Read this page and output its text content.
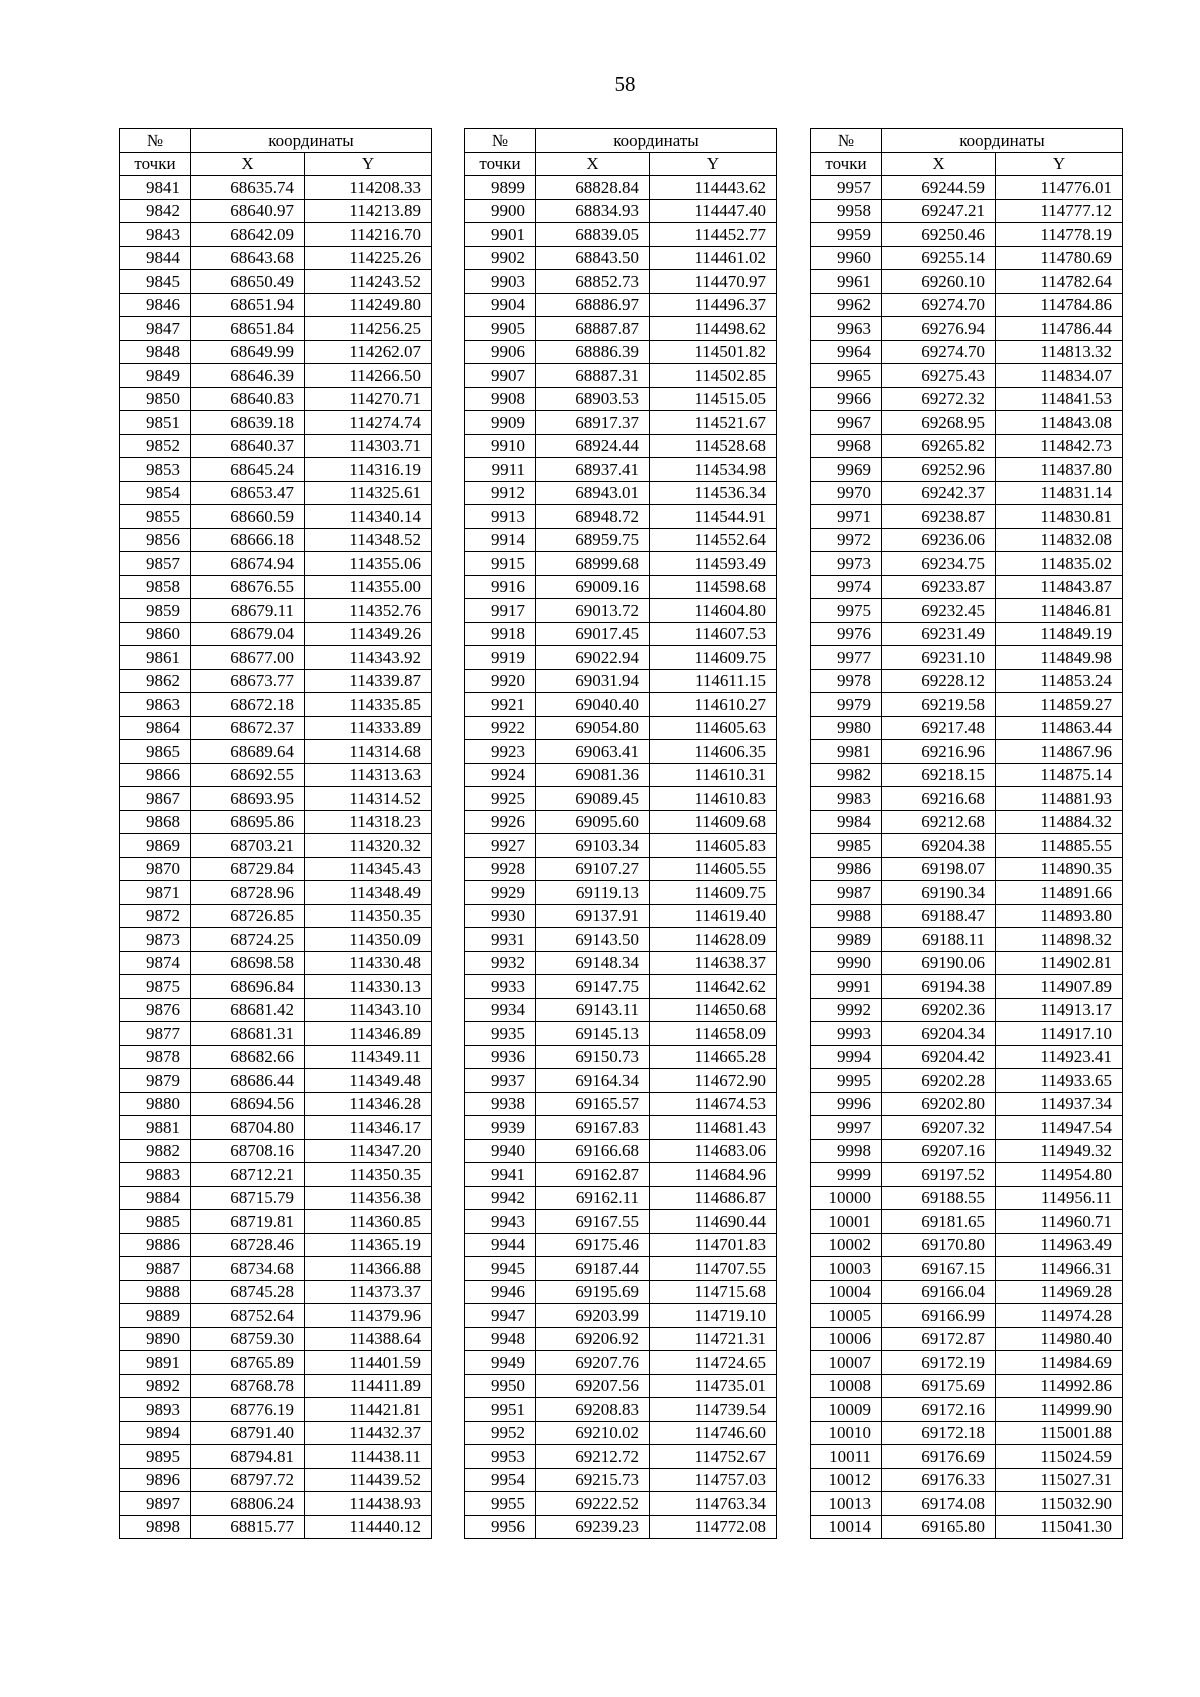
58
№	координаты	
точки	X	Y
9841	68635.74	114208.33
9842	68640.97	114213.89
9843	68642.09	114216.70
9844	68643.68	114225.26
9845	68650.49	114243.52
9846	68651.94	114249.80
9847	68651.84	114256.25
9848	68649.99	114262.07
9849	68646.39	114266.50
9850	68640.83	114270.71
9851	68639.18	114274.74
9852	68640.37	114303.71
9853	68645.24	114316.19
9854	68653.47	114325.61
9855	68660.59	114340.14
9856	68666.18	114348.52
9857	68674.94	114355.06
9858	68676.55	114355.00
9859	68679.11	114352.76
9860	68679.04	114349.26
9861	68677.00	114343.92
9862	68673.77	114339.87
9863	68672.18	114335.85
9864	68672.37	114333.89
9865	68689.64	114314.68
9866	68692.55	114313.63
9867	68693.95	114314.52
9868	68695.86	114318.23
9869	68703.21	114320.32
9870	68729.84	114345.43
9871	68728.96	114348.49
9872	68726.85	114350.35
9873	68724.25	114350.09
9874	68698.58	114330.48
9875	68696.84	114330.13
9876	68681.42	114343.10
9877	68681.31	114346.89
9878	68682.66	114349.11
9879	68686.44	114349.48
9880	68694.56	114346.28
9881	68704.80	114346.17
9882	68708.16	114347.20
9883	68712.21	114350.35
9884	68715.79	114356.38
9885	68719.81	114360.85
9886	68728.46	114365.19
9887	68734.68	114366.88
9888	68745.28	114373.37
9889	68752.64	114379.96
9890	68759.30	114388.64
9891	68765.89	114401.59
9892	68768.78	114411.89
9893	68776.19	114421.81
9894	68791.40	114432.37
9895	68794.81	114438.11
9896	68797.72	114439.52
9897	68806.24	114438.93
9898	68815.77	114440.12
№	координаты	
точки	X	Y
9899	68828.84	114443.62
9900	68834.93	114447.40
9901	68839.05	114452.77
9902	68843.50	114461.02
9903	68852.73	114470.97
9904	68886.97	114496.37
9905	68887.87	114498.62
9906	68886.39	114501.82
9907	68887.31	114502.85
9908	68903.53	114515.05
9909	68917.37	114521.67
9910	68924.44	114528.68
9911	68937.41	114534.98
9912	68943.01	114536.34
9913	68948.72	114544.91
9914	68959.75	114552.64
9915	68999.68	114593.49
9916	69009.16	114598.68
9917	69013.72	114604.80
9918	69017.45	114607.53
9919	69022.94	114609.75
9920	69031.94	114611.15
9921	69040.40	114610.27
9922	69054.80	114605.63
9923	69063.41	114606.35
9924	69081.36	114610.31
9925	69089.45	114610.83
9926	69095.60	114609.68
9927	69103.34	114605.83
9928	69107.27	114605.55
9929	69119.13	114609.75
9930	69137.91	114619.40
9931	69143.50	114628.09
9932	69148.34	114638.37
9933	69147.75	114642.62
9934	69143.11	114650.68
9935	69145.13	114658.09
9936	69150.73	114665.28
9937	69164.34	114672.90
9938	69165.57	114674.53
9939	69167.83	114681.43
9940	69166.68	114683.06
9941	69162.87	114684.96
9942	69162.11	114686.87
9943	69167.55	114690.44
9944	69175.46	114701.83
9945	69187.44	114707.55
9946	69195.69	114715.68
9947	69203.99	114719.10
9948	69206.92	114721.31
9949	69207.76	114724.65
9950	69207.56	114735.01
9951	69208.83	114739.54
9952	69210.02	114746.60
9953	69212.72	114752.67
9954	69215.73	114757.03
9955	69222.52	114763.34
9956	69239.23	114772.08
№	координаты	
точки	X	Y
9957	69244.59	114776.01
9958	69247.21	114777.12
9959	69250.46	114778.19
9960	69255.14	114780.69
9961	69260.10	114782.64
9962	69274.70	114784.86
9963	69276.94	114786.44
9964	69274.70	114813.32
9965	69275.43	114834.07
9966	69272.32	114841.53
9967	69268.95	114843.08
9968	69265.82	114842.73
9969	69252.96	114837.80
9970	69242.37	114831.14
9971	69238.87	114830.81
9972	69236.06	114832.08
9973	69234.75	114835.02
9974	69233.87	114843.87
9975	69232.45	114846.81
9976	69231.49	114849.19
9977	69231.10	114849.98
9978	69228.12	114853.24
9979	69219.58	114859.27
9980	69217.48	114863.44
9981	69216.96	114867.96
9982	69218.15	114875.14
9983	69216.68	114881.93
9984	69212.68	114884.32
9985	69204.38	114885.55
9986	69198.07	114890.35
9987	69190.34	114891.66
9988	69188.47	114893.80
9989	69188.11	114898.32
9990	69190.06	114902.81
9991	69194.38	114907.89
9992	69202.36	114913.17
9993	69204.34	114917.10
9994	69204.42	114923.41
9995	69202.28	114933.65
9996	69202.80	114937.34
9997	69207.32	114947.54
9998	69207.16	114949.32
9999	69197.52	114954.80
10000	69188.55	114956.11
10001	69181.65	114960.71
10002	69170.80	114963.49
10003	69167.15	114966.31
10004	69166.04	114969.28
10005	69166.99	114974.28
10006	69172.87	114980.40
10007	69172.19	114984.69
10008	69175.69	114992.86
10009	69172.16	114999.90
10010	69172.18	115001.88
10011	69176.69	115024.59
10012	69176.33	115027.31
10013	69174.08	115032.90
10014	69165.80	115041.30
